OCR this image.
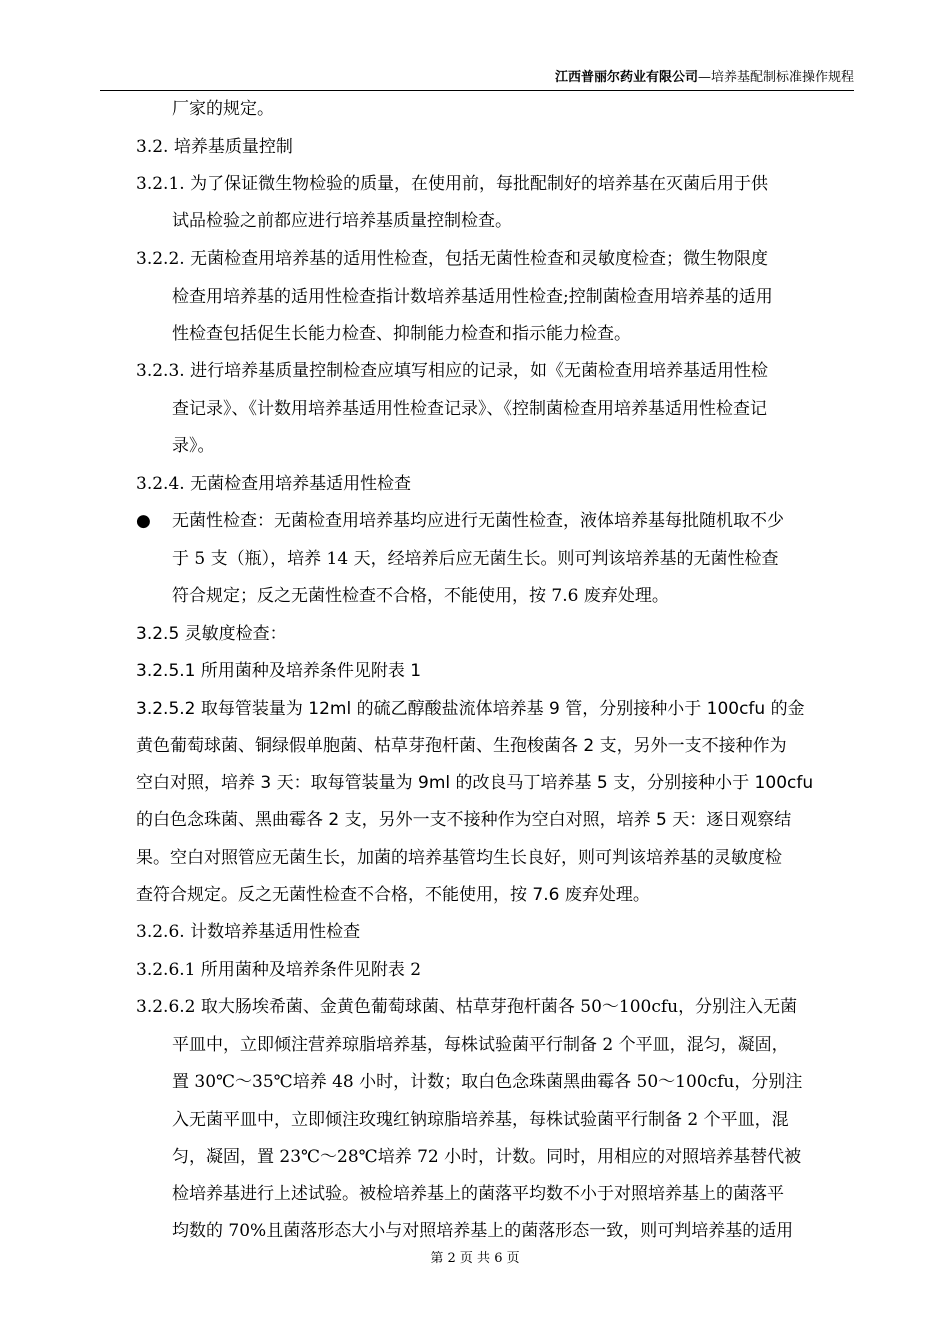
江西普丽尔药业有限公司—培养基配制标准操作规程
厂家的规定。
3.2. 培养基质量控制
3.2.1. 为了保证微生物检验的质量，在使用前，每批配制好的培养基在灭菌后用于供
试品检验之前都应进行培养基质量控制检查。
3.2.2. 无菌检查用培养基的适用性检查，包括无菌性检查和灵敏度检查；微生物限度
检查用培养基的适用性检查指计数培养基适用性检查;控制菌检查用培养基的适用
性检查包括促生长能力检查、抑制能力检查和指示能力检查。
3.2.3. 进行培养基质量控制检查应填写相应的记录，如《无菌检查用培养基适用性检
查记录》、《计数用培养基适用性检查记录》、《控制菌检查用培养基适用性检查记
录》。
3.2.4. 无菌检查用培养基适用性检查
● 无菌性检查：无菌检查用培养基均应进行无菌性检查，液体培养基每批随机取不少
于 5 支（瓶），培养 14 天，经培养后应无菌生长。则可判该培养基的无菌性检查
符合规定；反之无菌性检查不合格，不能使用，按 7.6 废弃处理。
3.2.5 灵敏度检查：
3.2.5.1 所用菌种及培养条件见附表 1
3.2.5.2 取每管装量为 12ml 的硫乙醇酸盐流体培养基 9 管，分别接种小于 100cfu 的金
黄色葡萄球菌、铜绿假单胞菌、枯草芽孢杆菌、生孢梭菌各 2 支，另外一支不接种作为
空白对照，培养 3 天：取每管装量为 9ml 的改良马丁培养基 5 支，分别接种小于 100cfu
的白色念珠菌、黑曲霉各 2 支，另外一支不接种作为空白对照，培养 5 天：逐日观察结
果。空白对照管应无菌生长，加菌的培养基管均生长良好，则可判该培养基的灵敏度检
查符合规定。反之无菌性检查不合格，不能使用，按 7.6 废弃处理。
3.2.6. 计数培养基适用性检查
3.2.6.1 所用菌种及培养条件见附表 2
3.2.6.2 取大肠埃希菌、金黄色葡萄球菌、枯草芽孢杆菌各 50～100cfu，分别注入无菌
平皿中，立即倾注营养琼脂培养基，每株试验菌平行制备 2 个平皿，混匀，凝固，
置 30℃～35℃培养 48 小时，计数；取白色念珠菌黑曲霉各 50～100cfu，分别注
入无菌平皿中，立即倾注玫瑰红钠琼脂培养基，每株试验菌平行制备 2 个平皿，混
匀，凝固，置 23℃～28℃培养 72 小时，计数。同时，用相应的对照培养基替代被
检培养基进行上述试验。被检培养基上的菌落平均数不小于对照培养基上的菌落平
均数的 70%且菌落形态大小与对照培养基上的菌落形态一致，则可判培养基的适用
第 2 页 共 6 页
